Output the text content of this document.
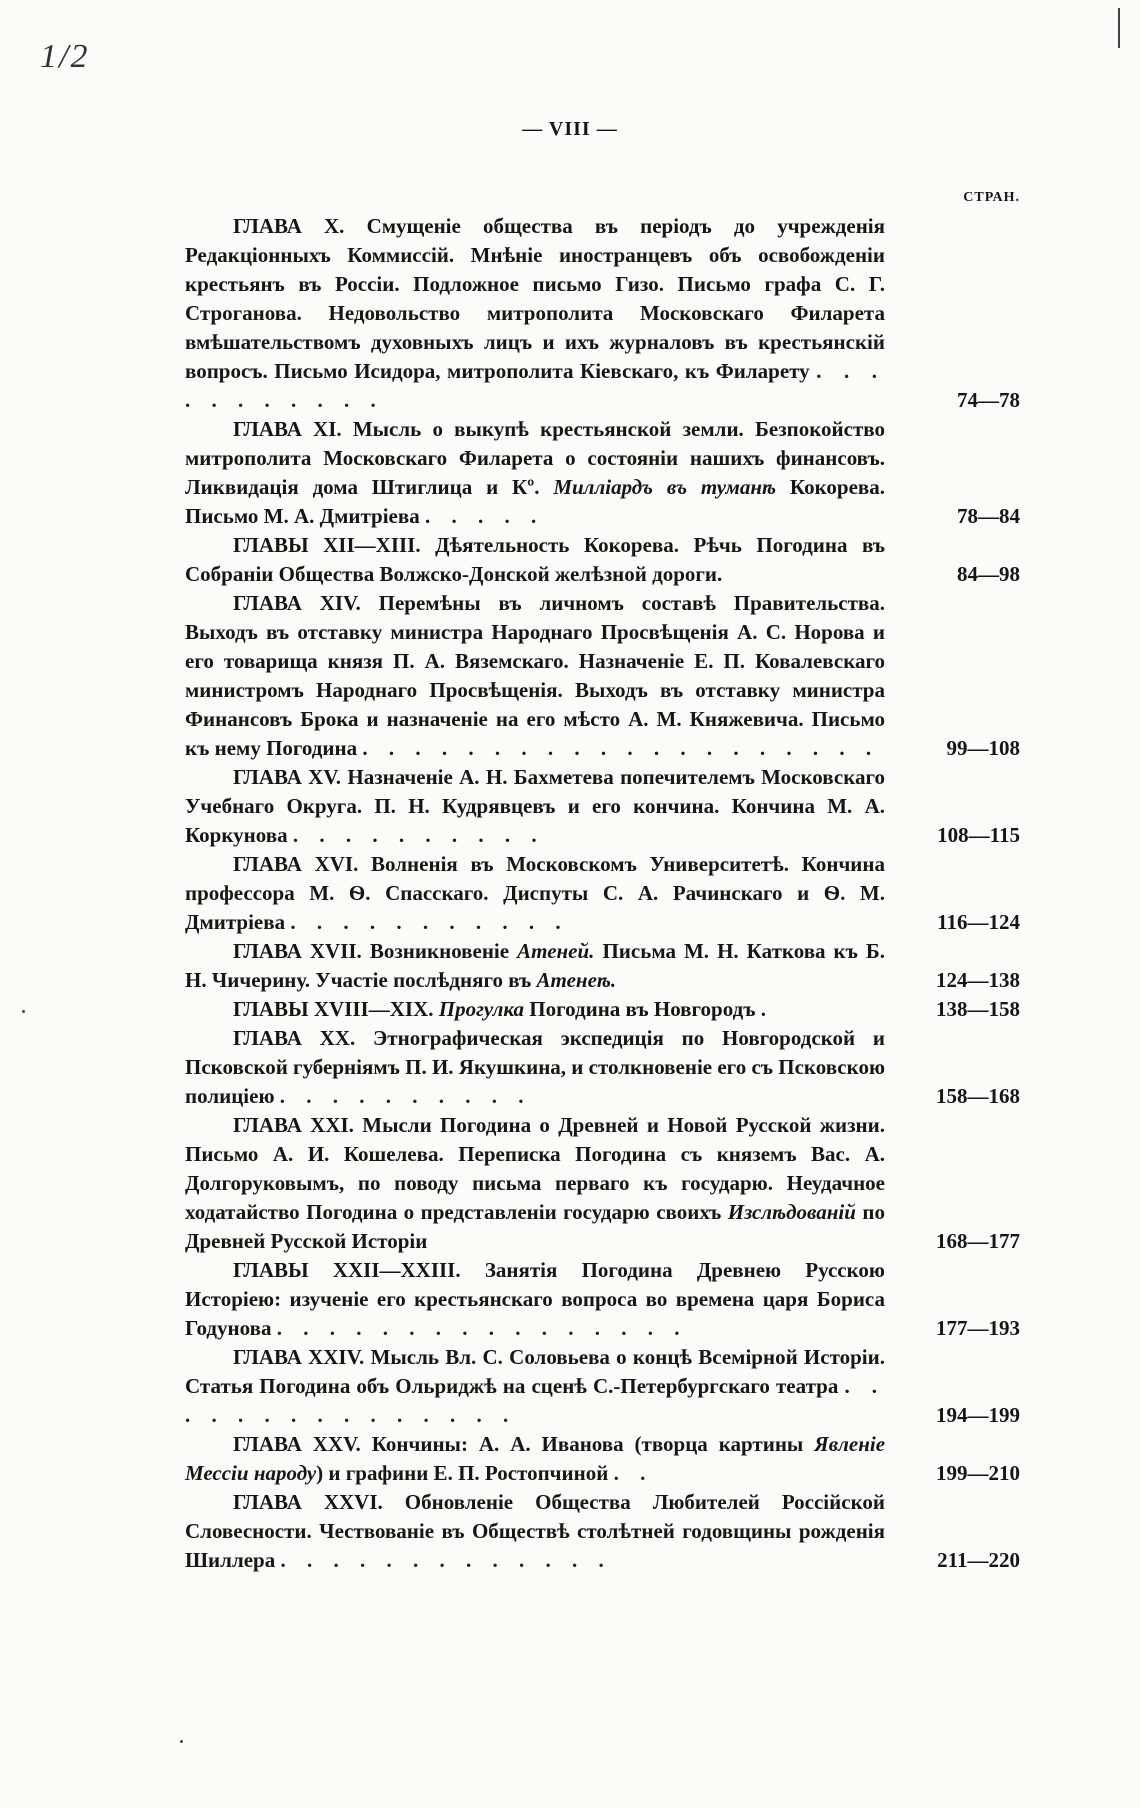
1/2
— VIII —
СТРАН.
ГЛАВА X. Смущеніе общества въ періодъ до учрежденія Редакціонныхъ Коммиссій. Мнѣніе иностранцевъ объ освобожденіи крестьянъ въ Россіи. Подложное письмо Гизо. Письмо графа С. Г. Строганова. Недовольство митрополита Московскаго Филарета вмѣшательствомъ духовныхъ лицъ и ихъ журналовъ въ крестьянскій вопросъ. Письмо Исидора, митрополита Кіевскаго, къ Филарету . . . . . . . . . . .	74—78
ГЛАВА XI. Мысль о выкупѣ крестьянской земли. Безпокойство митрополита Московскаго Филарета о состояніи нашихъ финансовъ. Ликвидація дома Штиглица и Кº. Миллiардъ въ туманѣ Кокорева. Письмо М. А. Дмитріева . . . . .	78—84
ГЛАВЫ XII—XIII. Дѣятельность Кокорева. Рѣчь Погодина въ Собраніи Общества Волжско-Донской желѣзной дороги.	84—98
ГЛАВА XIV. Перемѣны въ личномъ составѣ Правительства. Выходъ въ отставку министра Народнаго Просвѣщенія А. С. Норова и его товарища князя П. А. Вяземскаго. Назначеніе Е. П. Ковалевскаго министромъ Народнаго Просвѣщенія. Выходъ въ отставку министра Финансовъ Брока и назначеніе на его мѣсто А. М. Княжевича. Письмо къ нему Погодина . . . . . . . . . . . . . . . . . . . .	99—108
ГЛАВА XV. Назначеніе А. Н. Бахметева попечителемъ Московскаго Учебнаго Округа. П. Н. Кудрявцевъ и его кончина. Кончина М. А. Коркунова . . . . . . . . . .	108—115
ГЛАВА XVI. Волненія въ Московскомъ Университетѣ. Кончина профессора М. Ѳ. Спасскаго. Диспуты С. А. Рачинскаго и Ѳ. М. Дмитріева . . . . . . . . . . .	116—124
ГЛАВА XVII. Возникновеніе Атеней. Письма М. Н. Каткова къ Б. Н. Чичерину. Участіе послѣдняго въ Атенеѣ.	124—138
ГЛАВЫ XVIII—XIX. Прогулка Погодина въ Новгородъ .	138—158
ГЛАВА XX. Этнографическая экспедиція по Новгородской и Псковской губерніямъ П. И. Якушкина, и столкновеніе его съ Псковскою полиціею . . . . . . . . . .	158—168
ГЛАВА XXI. Мысли Погодина о Древней и Новой Русской жизни. Письмо А. И. Кошелева. Переписка Погодина съ княземъ Вас. А. Долгоруковымъ, по поводу письма перваго къ государю. Неудачное ходатайство Погодина о представленіи государю своихъ Изслѣдованій по Древней Русской Исторіи	168—177
ГЛАВЫ XXII—XXIII. Занятія Погодина Древнею Русскою Исторіею: изученіе его крестьянскаго вопроса во времена царя Бориса Годунова . . . . . . . . . . . . . . . .	177—193
ГЛАВА XXIV. Мысль Вл. С. Соловьева о концѣ Всемірной Исторіи. Статья Погодина объ Ольриджѣ на сценѣ С.-Петербургскаго театра . . . . . . . . . . . . . . .	194—199
ГЛАВА XXV. Кончины: А. А. Иванова (творца картины Явленіе Мессіи народу) и графини Е. П. Ростопчиной . .	199—210
ГЛАВА XXVI. Обновленіе Общества Любителей Россійской Словесности. Чествованіе въ Обществѣ столѣтней годовщины рожденія Шиллера . . . . . . . . . . . . .	211—220
